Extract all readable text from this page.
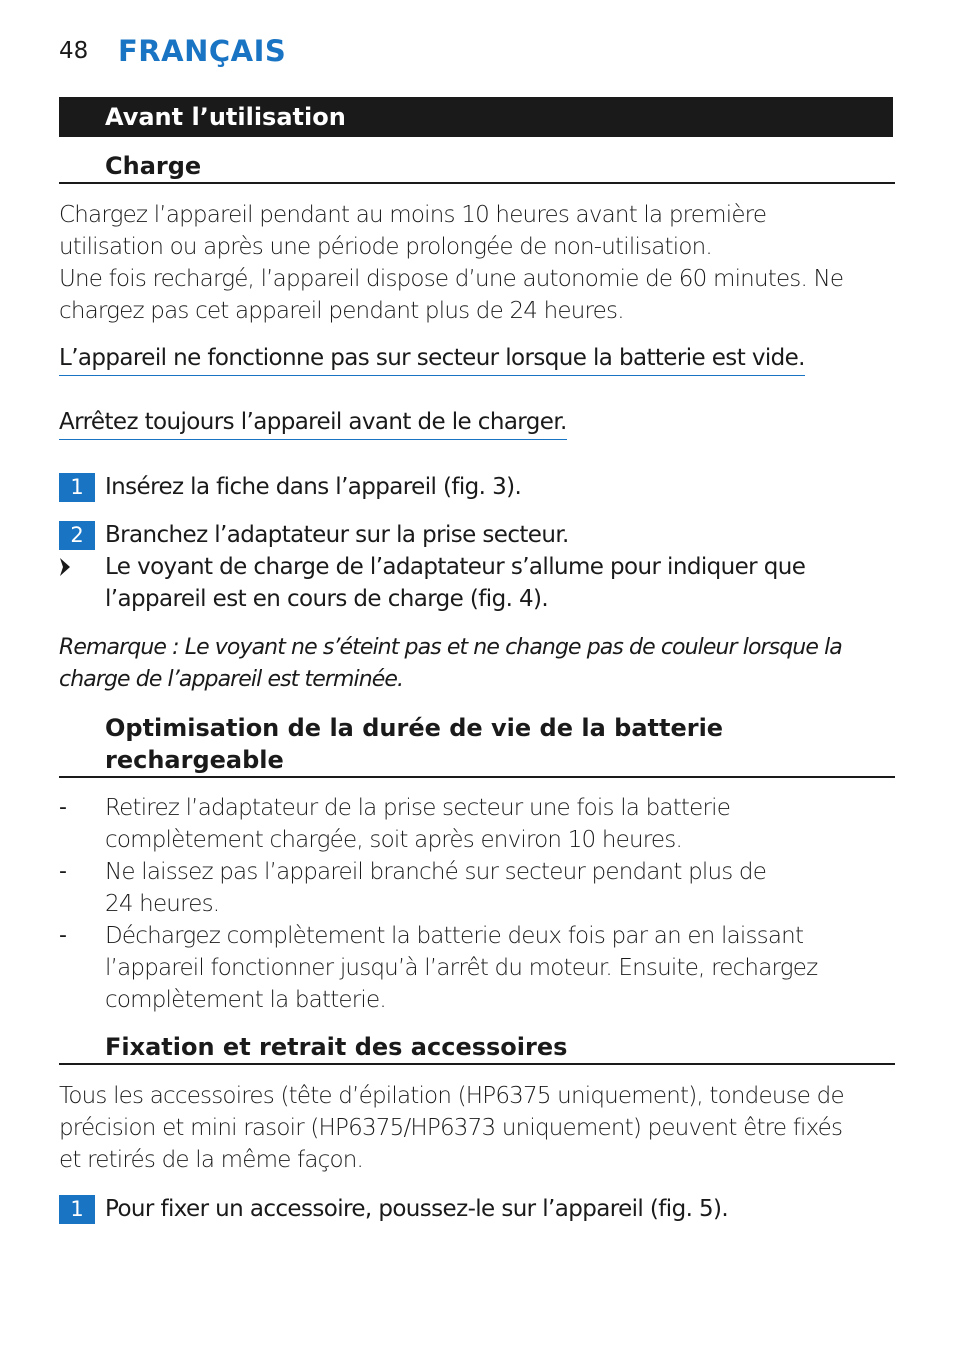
48 FRANÇAIS
Avant l’utilisation
Charge
Chargez l’appareil pendant au moins 10 heures avant la première
utilisation ou après une période prolongée de non-utilisation.
Une fois rechargé, l’appareil dispose d’une autonomie de 60 minutes. Ne
chargez pas cet appareil pendant plus de 24 heures.
L’appareil ne fonctionne pas sur secteur lorsque la batterie est vide.
Arrêtez toujours l’appareil avant de le charger.
1 Insérez la fiche dans l’appareil (fig. 3).
2 Branchez l’adaptateur sur la prise secteur.
Le voyant de charge de l’adaptateur s’allume pour indiquer que
l’appareil est en cours de charge (fig. 4).
Remarque : Le voyant ne s’éteint pas et ne change pas de couleur lorsque la
charge de l’appareil est terminée.
Optimisation de la durée de vie de la batterie
rechargeable
- Retirez l’adaptateur de la prise secteur une fois la batterie
complètement chargée, soit après environ 10 heures.
- Ne laissez pas l’appareil branché sur secteur pendant plus de
24 heures.
- Déchargez complètement la batterie deux fois par an en laissant
l’appareil fonctionner jusqu’à l’arrêt du moteur. Ensuite, rechargez
complètement la batterie.
Fixation et retrait des accessoires
Tous les accessoires (tête d’épilation (HP6375 uniquement), tondeuse de
précision et mini rasoir (HP6375/HP6373 uniquement) peuvent être fixés
et retirés de la même façon.
1 Pour fixer un accessoire, poussez-le sur l’appareil (fig. 5).
